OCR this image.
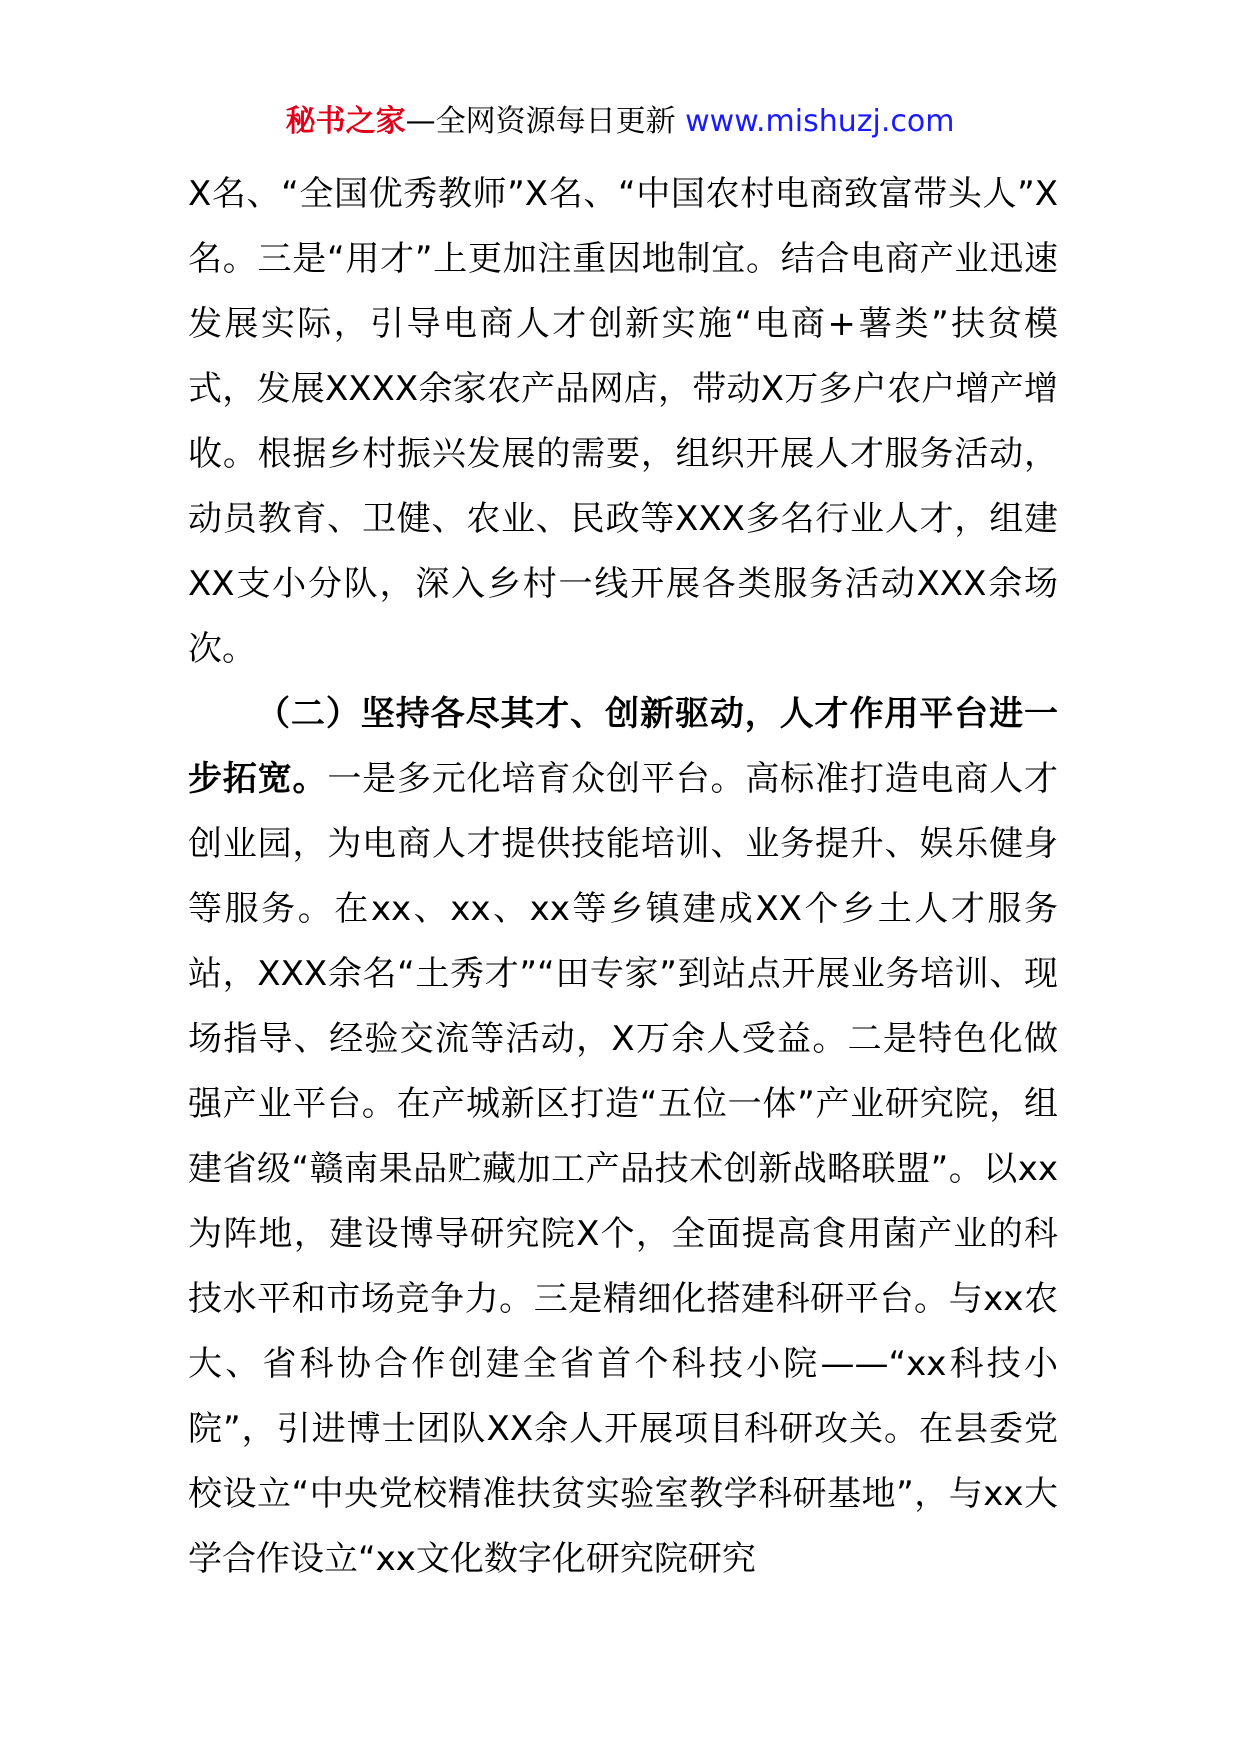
秘书之家—全网资源每日更新 www.mishuzj.com

X名、“全国优秀教师”X名、“中国农村电商致富带头人”X名。三是“用才”上更加注重因地制宜。结合电商产业迅速发展实际，引导电商人才创新实施“电商+薯类”扶贫模式，发展XXXX余家农产品网店，带动X万多户农户增产增收。根据乡村振兴发展的需要，组织开展人才服务活动，动员教育、卫健、农业、民政等XXX多名行业人才，组建XX支小分队，深入乡村一线开展各类服务活动XXX余场次。

（二）坚持各尽其才、创新驱动，人才作用平台进一步拓宽。一是多元化培育众创平台。高标准打造电商人才创业园，为电商人才提供技能培训、业务提升、娱乐健身等服务。在xx、xx、xx等乡镇建成XX个乡土人才服务站，XXX余名“土秀才”“田专家”到站点开展业务培训、现场指导、经验交流等活动，X万余人受益。二是特色化做强产业平台。在产城新区打造“五位一体”产业研究院，组建省级“赣南果品贮藏加工产品技术创新战略联盟”。以xx为阵地，建设博导研究院X个，全面提高食用菌产业的科技水平和市场竞争力。三是精细化搭建科研平台。与xx农大、省科协合作创建全省首个科技小院——“xx科技小院”，引进博士团队XX余人开展项目科研攻关。在县委党校设立“中央党校精准扶贫实验室教学科研基地”，与xx大学合作设立“xx文化数字化研究院研究
